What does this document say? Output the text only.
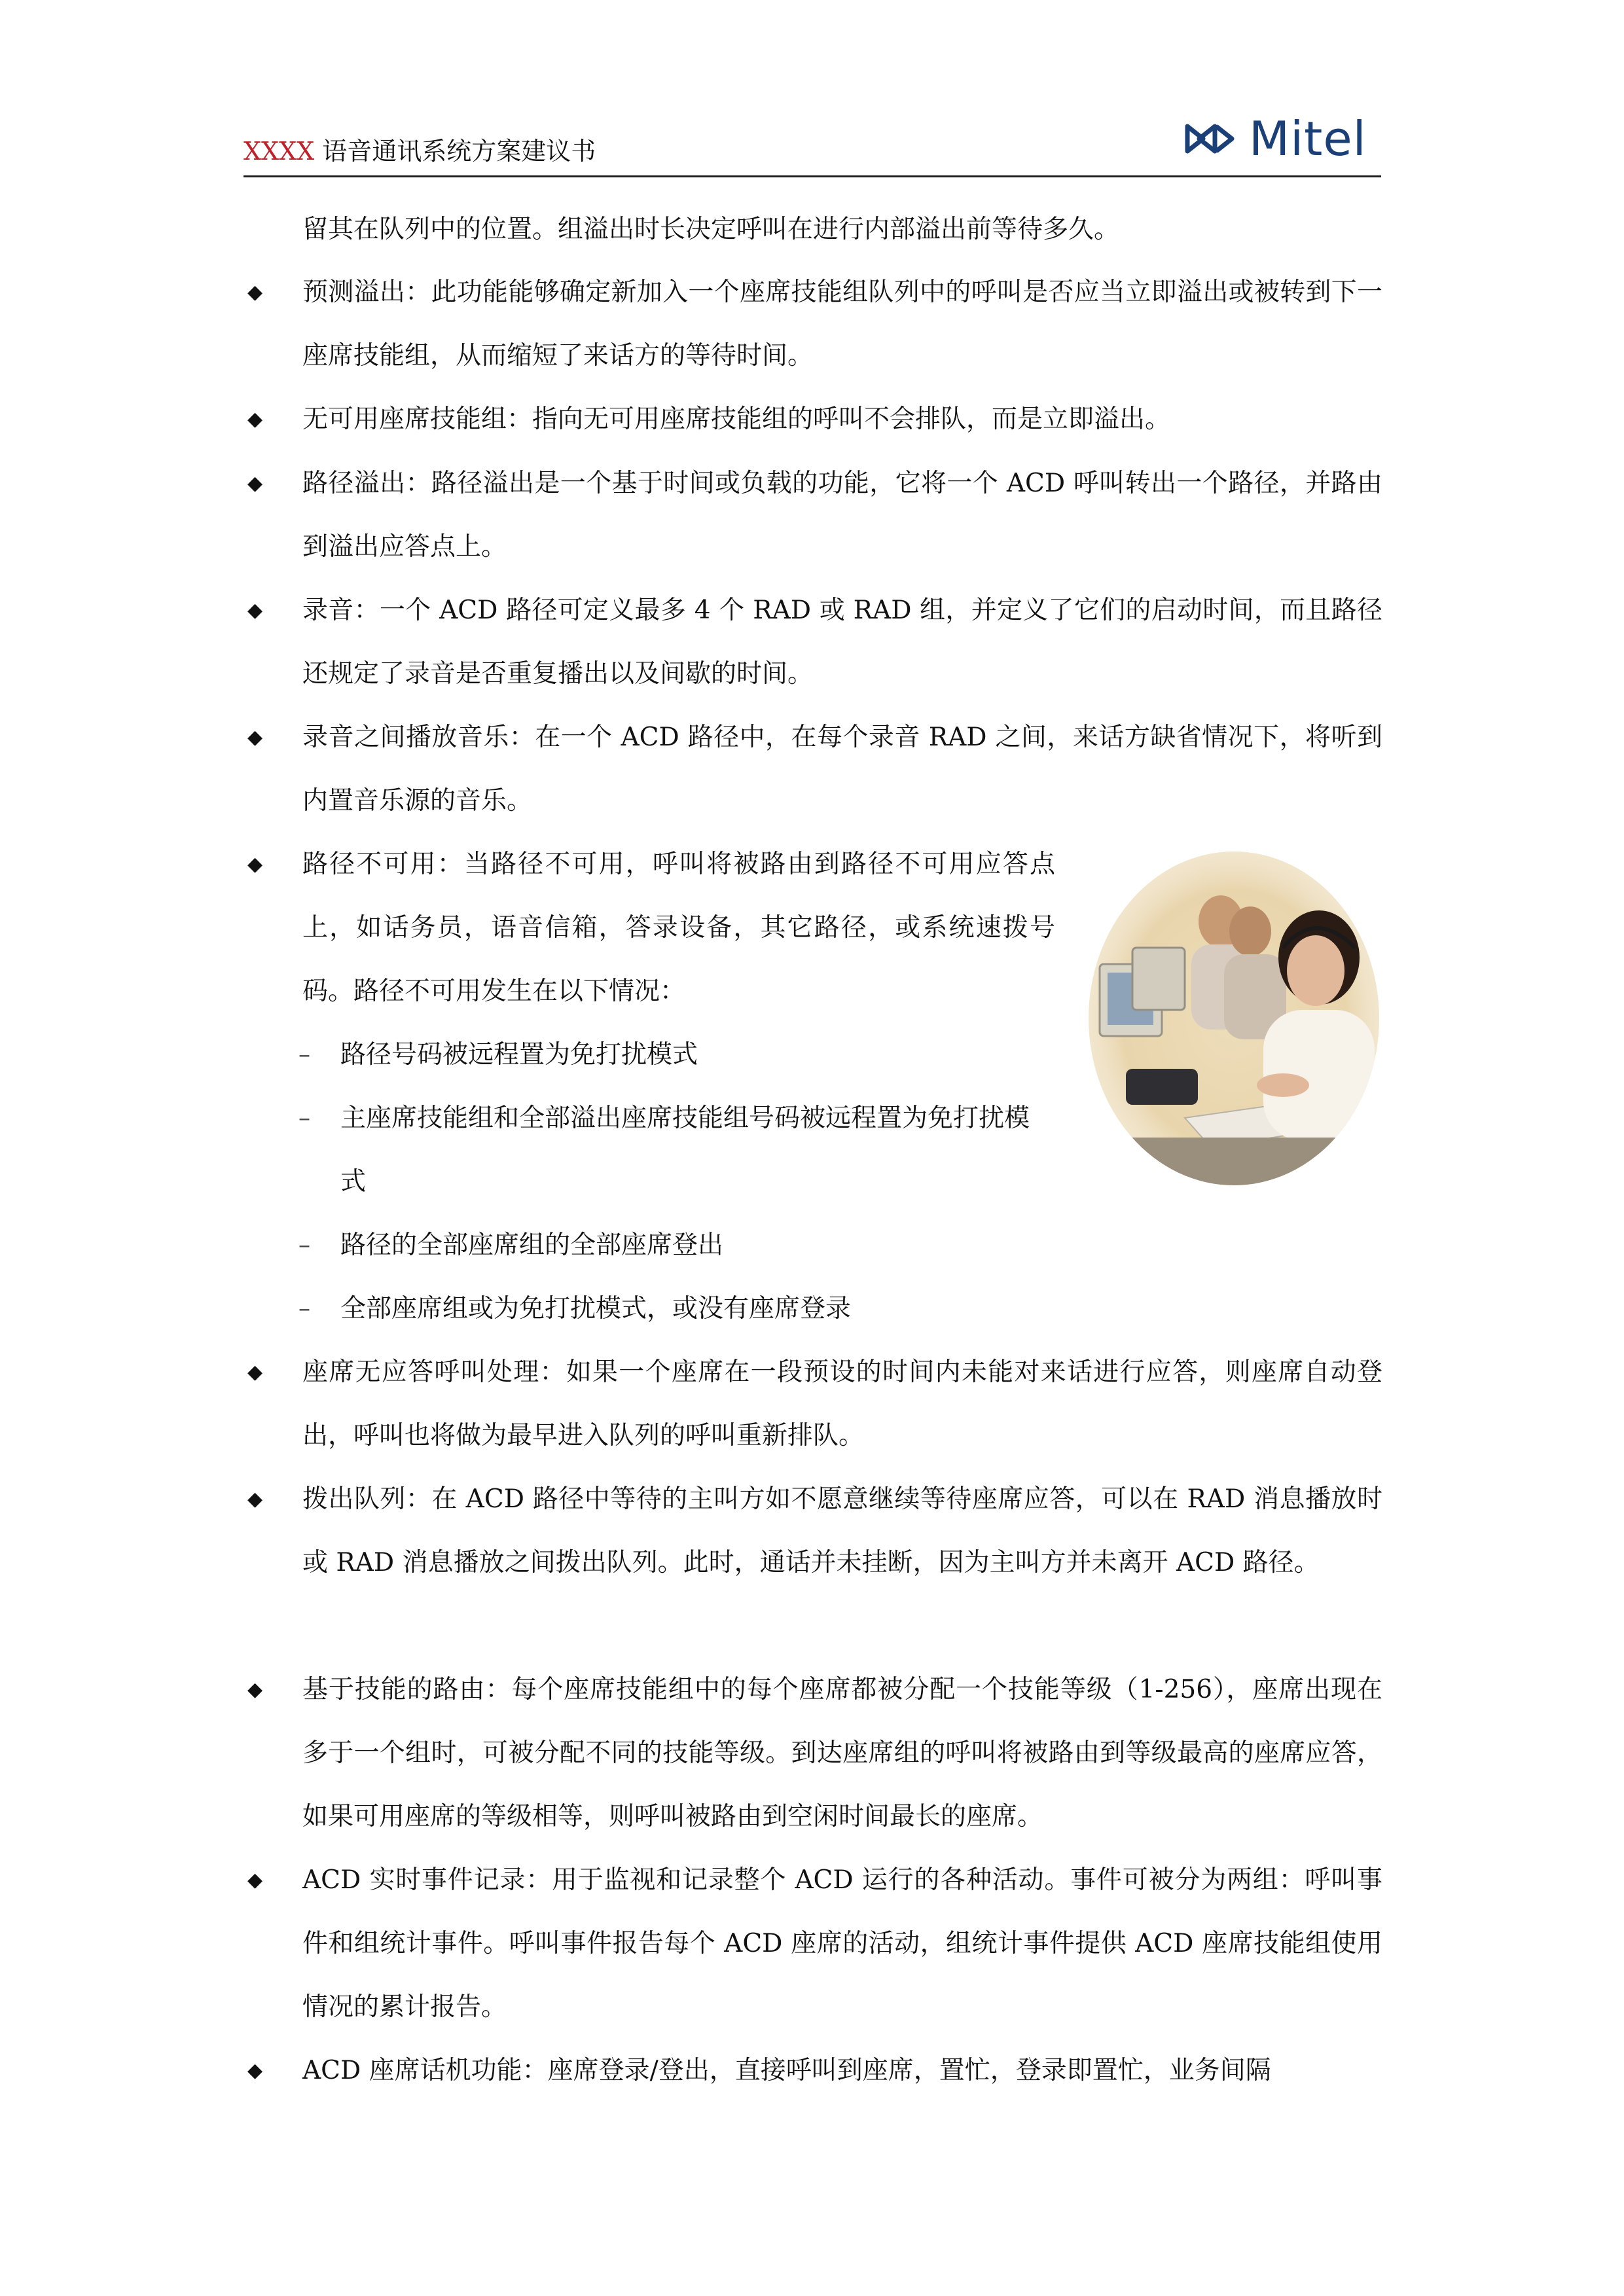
XXXX 语音通讯系统方案建议书	Mitel
留其在队列中的位置。组溢出时长决定呼叫在进行内部溢出前等待多久。
◆ 预测溢出：此功能能够确定新加入一个座席技能组队列中的呼叫是否应当立即溢出或被转到下一座席技能组，从而缩短了来话方的等待时间。
◆ 无可用座席技能组：指向无可用座席技能组的呼叫不会排队，而是立即溢出。
◆ 路径溢出：路径溢出是一个基于时间或负载的功能，它将一个 ACD 呼叫转出一个路径，并路由到溢出应答点上。
◆ 录音：一个 ACD 路径可定义最多 4 个 RAD 或 RAD 组，并定义了它们的启动时间，而且路径还规定了录音是否重复播出以及间歇的时间。
◆ 录音之间播放音乐：在一个 ACD 路径中，在每个录音 RAD 之间，来话方缺省情况下，将听到内置音乐源的音乐。
◆ 路径不可用：当路径不可用，呼叫将被路由到路径不可用应答点上，如话务员，语音信箱，答录设备，其它路径，或系统速拨号码。路径不可用发生在以下情况：
– 路径号码被远程置为免打扰模式
– 主座席技能组和全部溢出座席技能组号码被远程置为免打扰模式
– 路径的全部座席组的全部座席登出
– 全部座席组或为免打扰模式，或没有座席登录
◆ 座席无应答呼叫处理：如果一个座席在一段预设的时间内未能对来话进行应答，则座席自动登出，呼叫也将做为最早进入队列的呼叫重新排队。
◆ 拨出队列：在 ACD 路径中等待的主叫方如不愿意继续等待座席应答，可以在 RAD 消息播放时或 RAD 消息播放之间拨出队列。此时，通话并未挂断，因为主叫方并未离开 ACD 路径。
◆ 基于技能的路由：每个座席技能组中的每个座席都被分配一个技能等级（1-256），座席出现在多于一个组时，可被分配不同的技能等级。到达座席组的呼叫将被路由到等级最高的座席应答，如果可用座席的等级相等，则呼叫被路由到空闲时间最长的座席。
◆ ACD 实时事件记录：用于监视和记录整个 ACD 运行的各种活动。事件可被分为两组：呼叫事件和组统计事件。呼叫事件报告每个 ACD 座席的活动，组统计事件提供 ACD 座席技能组使用情况的累计报告。
◆ ACD 座席话机功能：座席登录/登出，直接呼叫到座席，置忙，登录即置忙，业务间隔
